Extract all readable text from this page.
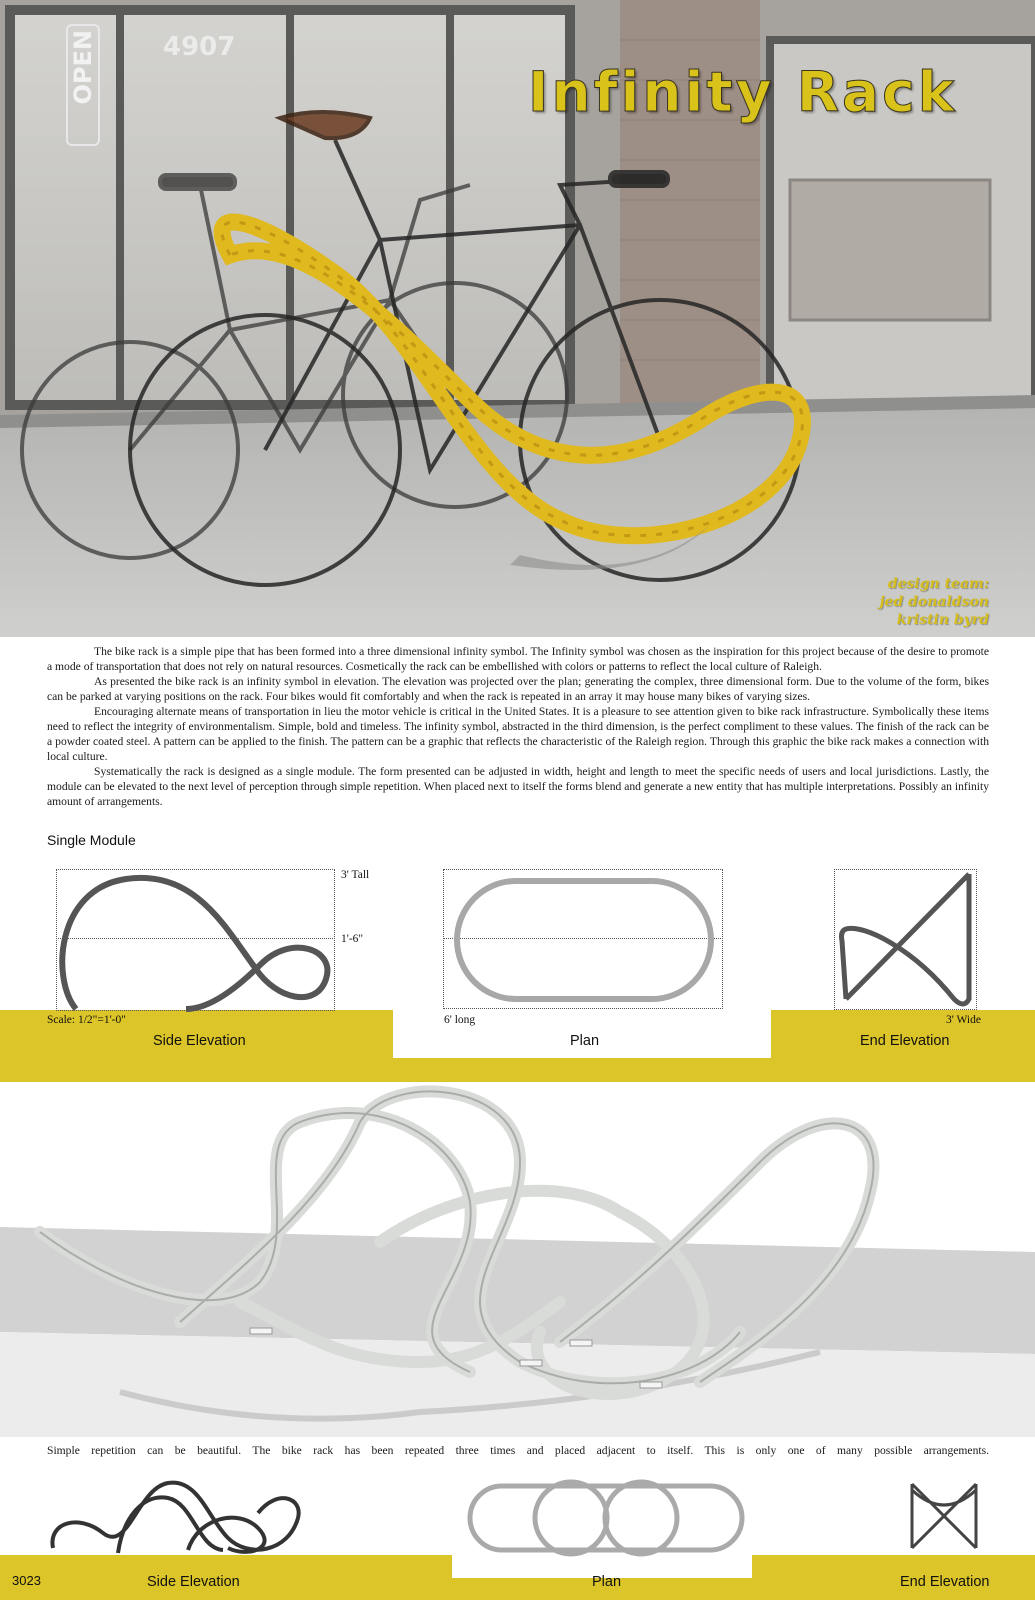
OPEN	4907
Infinity Rack
design team:
jed donaldson
kristin byrd

The bike rack is a simple pipe that has been formed into a three dimensional infinity symbol. The Infinity symbol was chosen as the inspiration for this project because of the desire to promote a mode of transportation that does not rely on natural resources. Cosmetically the rack can be embellished with colors or patterns to reflect the local culture of Raleigh.

As presented the bike rack is an infinity symbol in elevation. The elevation was projected over the plan; generating the complex, three dimensional form. Due to the volume of the form, bikes can be parked at varying positions on the rack. Four bikes would fit comfortably and when the rack is repeated in an array it may house many bikes of varying sizes.

Encouraging alternate means of transportation in lieu the motor vehicle is critical in the United States. It is a pleasure to see attention given to bike rack infrastructure. Symbolically these items need to reflect the integrity of environmentalism. Simple, bold and timeless. The infinity symbol, abstracted in the third dimension, is the perfect compliment to these values. The finish of the rack can be a powder coated steel. A pattern can be applied to the finish. The pattern can be a graphic that reflects the characteristic of the Raleigh region. Through this graphic the bike rack makes a connection with local culture.

Systematically the rack is designed as a single module. The form presented can be adjusted in width, height and length to meet the specific needs of users and local jurisdictions. Lastly, the module can be elevated to the next level of perception through simple repetition. When placed next to itself the forms blend and generate a new entity that has multiple interpretations. Possibly an infinity amount of arrangements.

Single Module
3' Tall
1'-6"
Scale: 1/2"=1'-0"
Side Elevation
6' long
Plan
3' Wide
End Elevation
Simple repetition can be beautiful. The bike rack has been repeated three times and placed adjacent to itself. This is only one of many possible arrangements.
3023	Side Elevation	Plan	End Elevation
